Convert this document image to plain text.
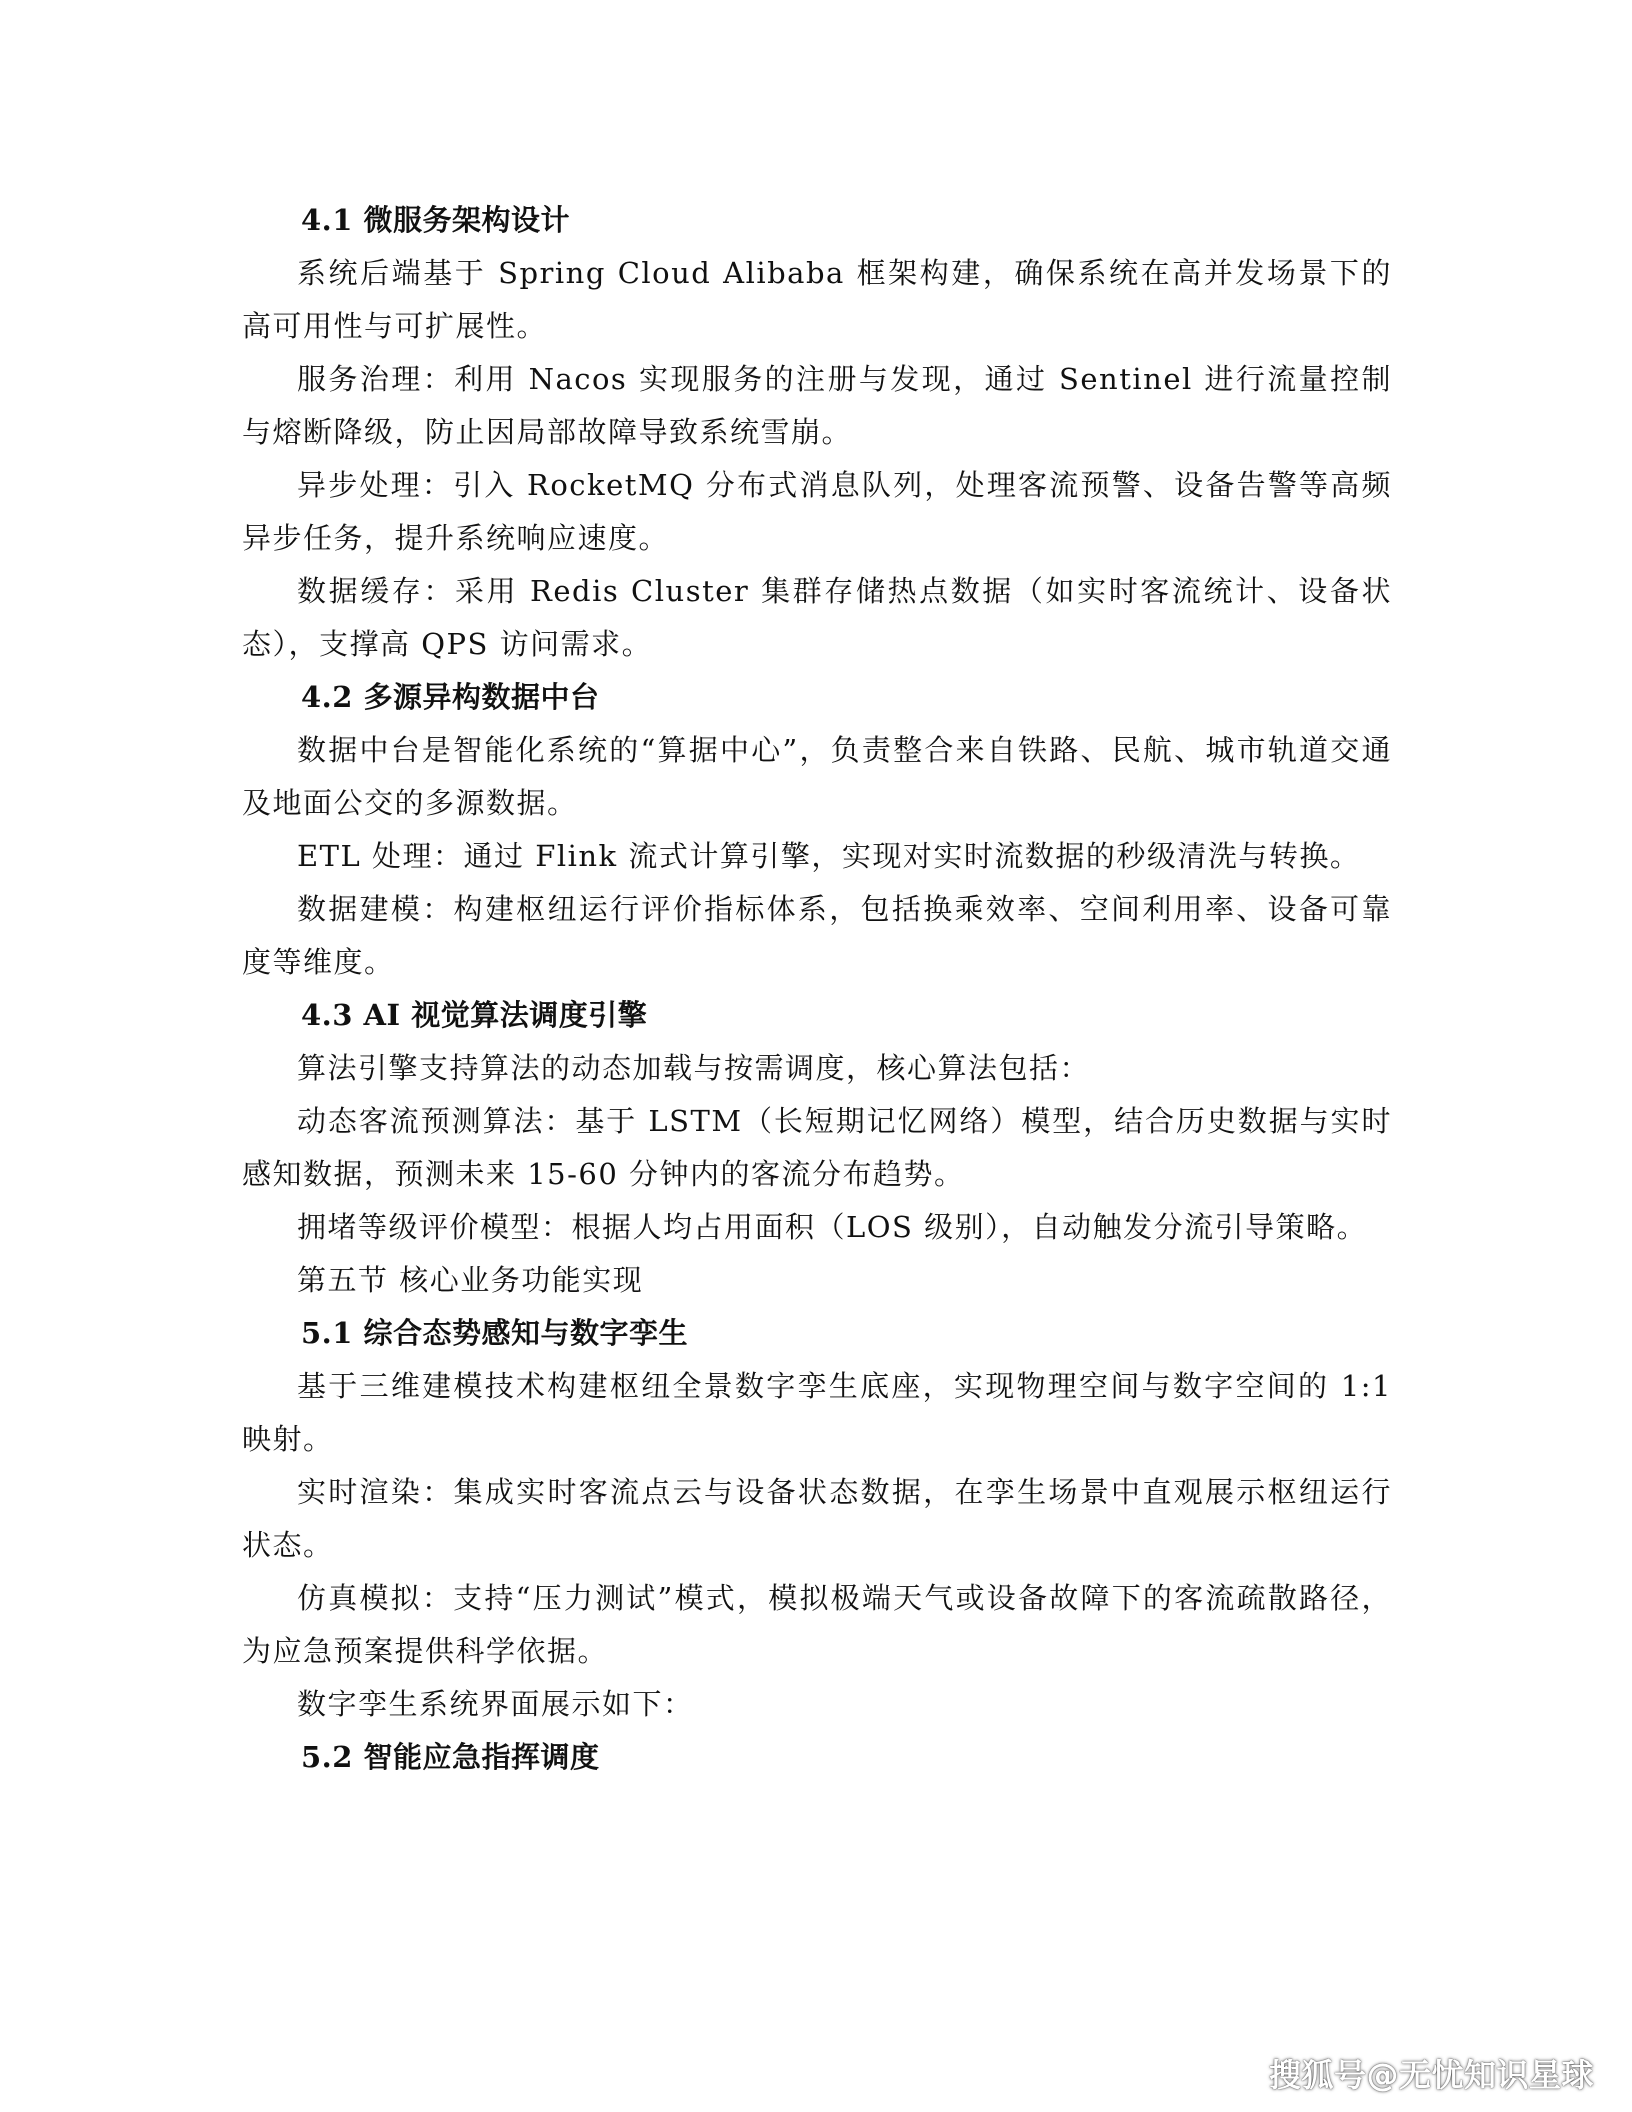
4.1 微服务架构设计

系统后端基于 Spring Cloud Alibaba 框架构建，确保系统在高并发场景下的高可用性与可扩展性。

服务治理：利用 Nacos 实现服务的注册与发现，通过 Sentinel 进行流量控制与熔断降级，防止因局部故障导致系统雪崩。

异步处理：引入 RocketMQ 分布式消息队列，处理客流预警、设备告警等高频异步任务，提升系统响应速度。

数据缓存：采用 Redis Cluster 集群存储热点数据（如实时客流统计、设备状态），支撑高 QPS 访问需求。

4.2 多源异构数据中台

数据中台是智能化系统的“算据中心”，负责整合来自铁路、民航、城市轨道交通及地面公交的多源数据。

ETL 处理：通过 Flink 流式计算引擎，实现对实时流数据的秒级清洗与转换。

数据建模：构建枢纽运行评价指标体系，包括换乘效率、空间利用率、设备可靠度等维度。

4.3 AI 视觉算法调度引擎

算法引擎支持算法的动态加载与按需调度，核心算法包括：

动态客流预测算法：基于 LSTM（长短期记忆网络）模型，结合历史数据与实时感知数据，预测未来 15-60 分钟内的客流分布趋势。

拥堵等级评价模型：根据人均占用面积（LOS 级别），自动触发分流引导策略。

第五节 核心业务功能实现
5.1 综合态势感知与数字孪生

基于三维建模技术构建枢纽全景数字孪生底座，实现物理空间与数字空间的 1:1 映射。

实时渲染：集成实时客流点云与设备状态数据，在孪生场景中直观展示枢纽运行状态。

仿真模拟：支持“压力测试”模式，模拟极端天气或设备故障下的客流疏散路径，为应急预案提供科学依据。

数字孪生系统界面展示如下：
5.2 智能应急指挥调度
搜狐号@无忧知识星球
